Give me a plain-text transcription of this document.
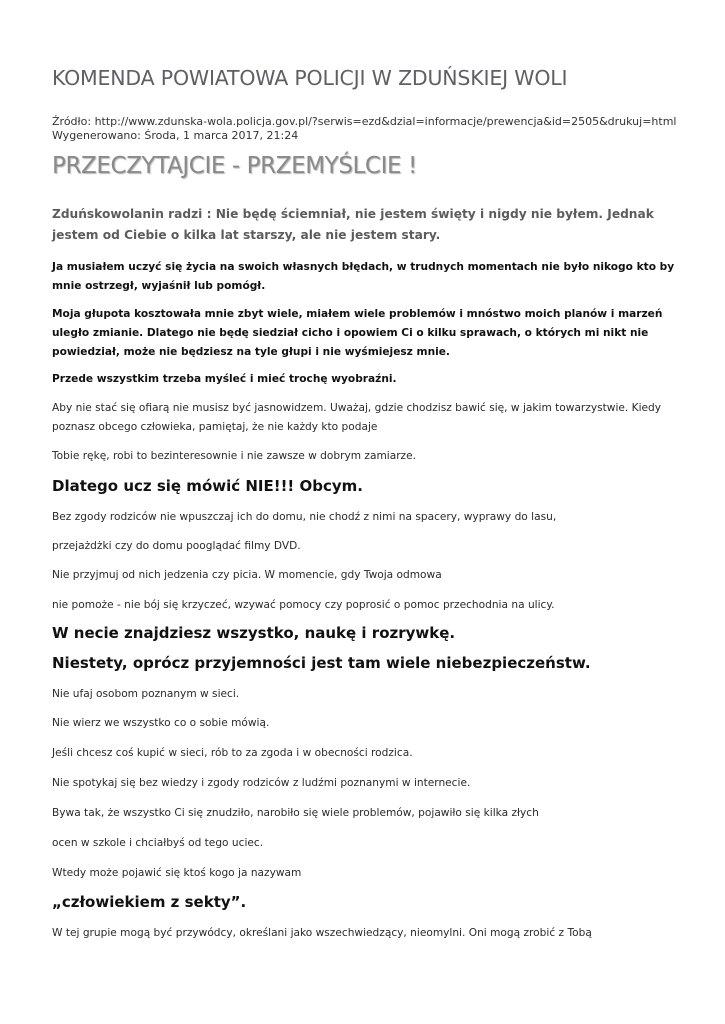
KOMENDA POWIATOWA POLICJI W ZDUŃSKIEJ WOLI
Źródło: http://www.zdunska-wola.policja.gov.pl/?serwis=ezd&dzial=informacje/prewencja&id=2505&drukuj=html
Wygenerowano: Środa, 1 marca 2017, 21:24
PRZECZYTAJCIE - PRZEMYŚLCIE !

Zduńskowolanin radzi : Nie będę ściemniał, nie jestem święty i nigdy nie byłem. Jednak jestem od Ciebie o kilka lat starszy, ale nie jestem stary.

Ja musiałem uczyć się życia na swoich własnych błędach, w trudnych momentach nie było nikogo kto by mnie ostrzegł, wyjaśnił lub pomógł.

Moja głupota kosztowała mnie zbyt wiele, miałem wiele problemów i mnóstwo moich planów i marzeń uległo zmianie. Dlatego nie będę siedział cicho i opowiem Ci o kilku sprawach, o których mi nikt nie powiedział, może nie będziesz na tyle głupi i nie wyśmiejesz mnie.

Przede wszystkim trzeba myśleć i mieć trochę wyobraźni.

Aby nie stać się ofiarą nie musisz być jasnowidzem. Uważaj, gdzie chodzisz bawić się, w jakim towarzystwie. Kiedy poznasz obcego człowieka, pamiętaj, że nie każdy kto podaje

Tobie rękę, robi to bezinteresownie i nie zawsze w dobrym zamiarze.

Dlatego ucz się mówić NIE!!! Obcym.

Bez zgody rodziców nie wpuszczaj ich do domu, nie chodź z nimi na spacery, wyprawy do lasu,

przejażdżki czy do domu pooglądać filmy DVD.

Nie przyjmuj od nich jedzenia czy picia. W momencie, gdy Twoja odmowa

nie pomoże - nie bój się krzyczeć, wzywać pomocy czy poprosić o pomoc przechodnia na ulicy.

W necie znajdziesz wszystko, naukę i rozrywkę.
Niestety, oprócz przyjemności jest tam wiele niebezpieczeństw.

Nie ufaj osobom poznanym w sieci.

Nie wierz we wszystko co o sobie mówią.

Jeśli chcesz coś kupić w sieci, rób to za zgoda i w obecności rodzica.

Nie spotykaj się bez wiedzy i zgody rodziców z ludźmi poznanymi w internecie.

Bywa tak, że wszystko Ci się znudziło, narobiło się wiele problemów, pojawiło się kilka złych

ocen w szkole i chciałbyś od tego uciec.

Wtedy może pojawić się ktoś kogo ja nazywam

„człowiekiem z sekty”.

W tej grupie mogą być przywódcy, określani jako wszechwiedzący, nieomylni. Oni mogą zrobić z Tobą
